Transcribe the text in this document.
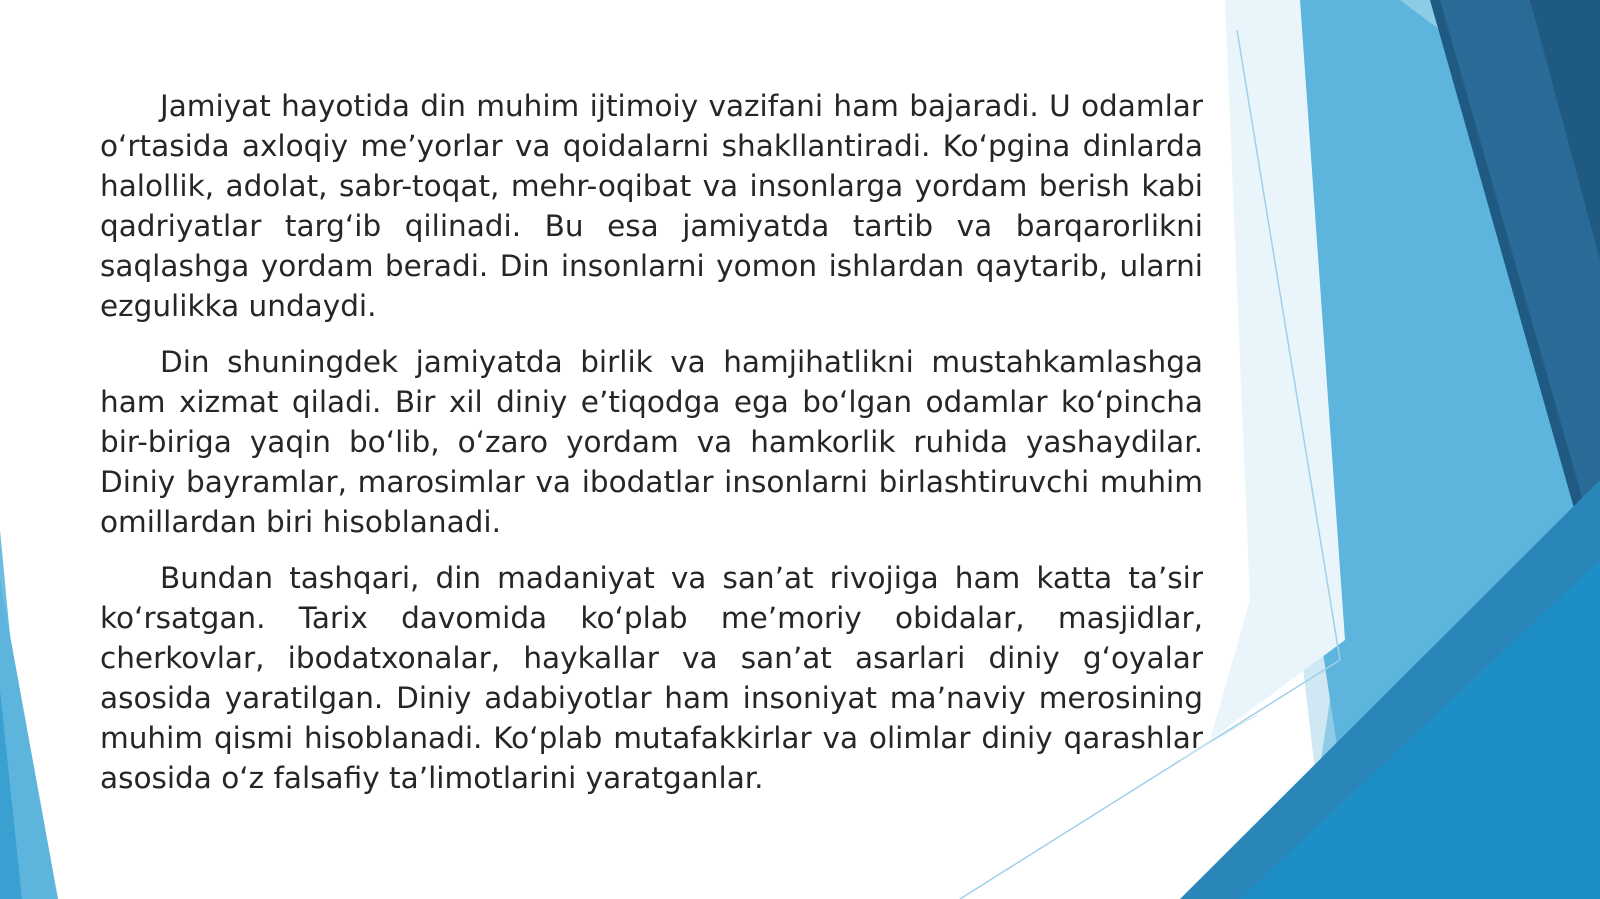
Jamiyat hayotida din muhim ijtimoiy vazifani ham bajaradi. U odamlar o‘rtasida axloqiy me’yorlar va qoidalarni shakllantiradi. Ko‘pgina dinlarda halollik, adolat, sabr-toqat, mehr-oqibat va insonlarga yordam berish kabi qadriyatlar targ‘ib qilinadi. Bu esa jamiyatda tartib va barqarorlikni saqlashga yordam beradi. Din insonlarni yomon ishlardan qaytarib, ularni ezgulikka undaydi.

Din shuningdek jamiyatda birlik va hamjihatlikni mustahkamlashga ham xizmat qiladi. Bir xil diniy e’tiqodga ega bo‘lgan odamlar ko‘pincha bir-biriga yaqin bo‘lib, o‘zaro yordam va hamkorlik ruhida yashaydilar. Diniy bayramlar, marosimlar va ibodatlar insonlarni birlashtiruvchi muhim omillardan biri hisoblanadi.

Bundan tashqari, din madaniyat va san’at rivojiga ham katta ta’sir ko‘rsatgan. Tarix davomida ko‘plab me’moriy obidalar, masjidlar, cherkovlar, ibodatxonalar, haykallar va san’at asarlari diniy g‘oyalar asosida yaratilgan. Diniy adabiyotlar ham insoniyat ma’naviy merosining muhim qismi hisoblanadi. Ko‘plab mutafakkirlar va olimlar diniy qarashlar asosida o‘z falsafiy ta’limotlarini yaratganlar.
